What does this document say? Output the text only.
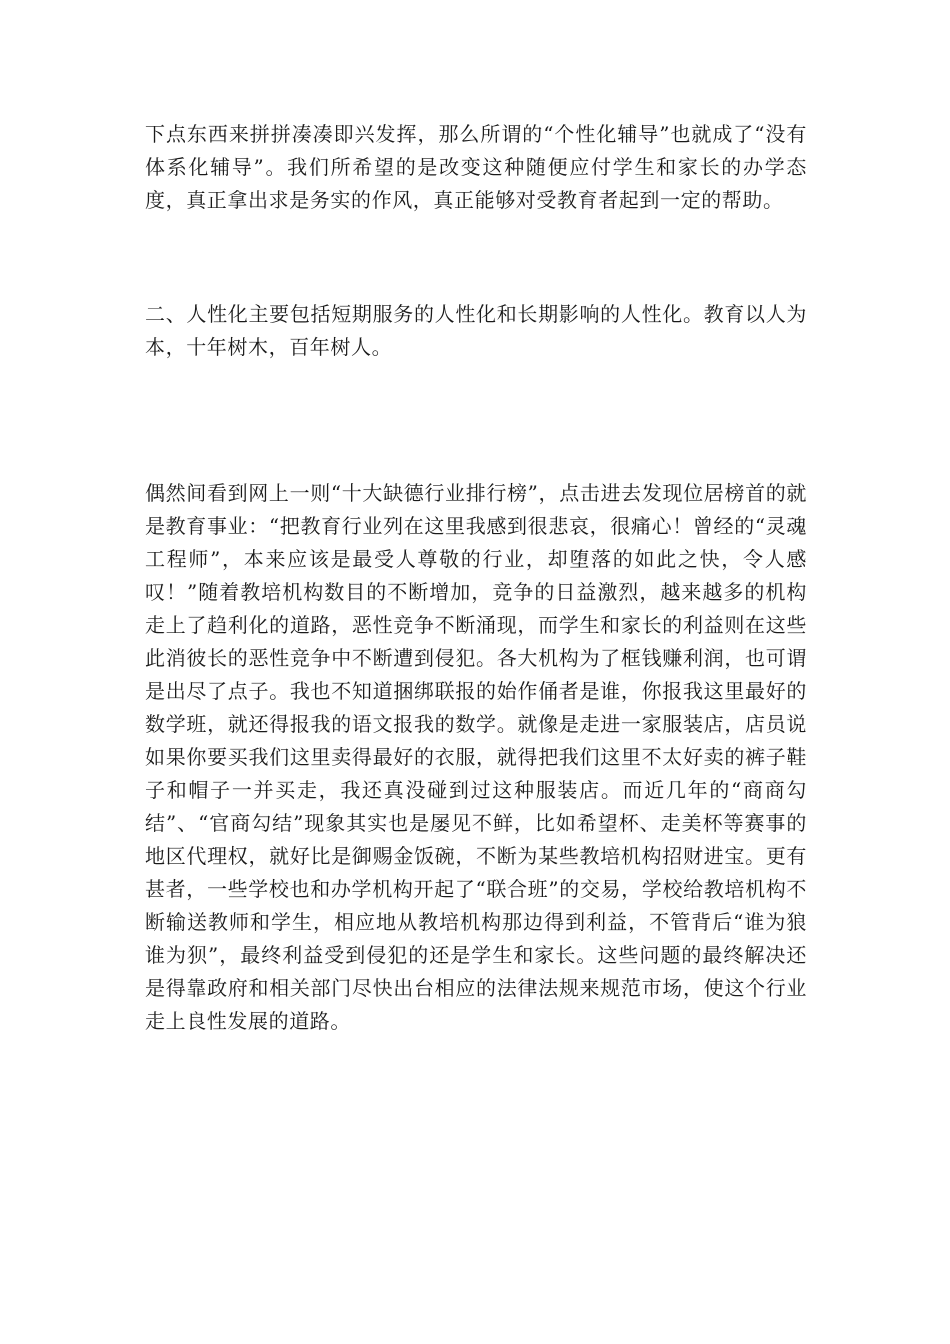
下点东西来拼拼凑凑即兴发挥，那么所谓的“个性化辅导”也就成了“没有体系化辅导”。我们所希望的是改变这种随便应付学生和家长的办学态度，真正拿出求是务实的作风，真正能够对受教育者起到一定的帮助。

二、人性化主要包括短期服务的人性化和长期影响的人性化。教育以人为本，十年树木，百年树人。

偶然间看到网上一则“十大缺德行业排行榜”，点击进去发现位居榜首的就是教育事业：“把教育行业列在这里我感到很悲哀，很痛心！曾经的“灵魂工程师”，本来应该是最受人尊敬的行业，却堕落的如此之快，令人感叹！”随着教培机构数目的不断增加，竞争的日益激烈，越来越多的机构走上了趋利化的道路，恶性竞争不断涌现，而学生和家长的利益则在这些此消彼长的恶性竞争中不断遭到侵犯。各大机构为了框钱赚利润，也可谓是出尽了点子。我也不知道捆绑联报的始作俑者是谁，你报我这里最好的数学班，就还得报我的语文报我的数学。就像是走进一家服装店，店员说如果你要买我们这里卖得最好的衣服，就得把我们这里不太好卖的裤子鞋子和帽子一并买走，我还真没碰到过这种服装店。而近几年的“商商勾结”、“官商勾结”现象其实也是屡见不鲜，比如希望杯、走美杯等赛事的地区代理权，就好比是御赐金饭碗，不断为某些教培机构招财进宝。更有甚者，一些学校也和办学机构开起了“联合班”的交易，学校给教培机构不断输送教师和学生，相应地从教培机构那边得到利益，不管背后“谁为狼谁为狈”，最终利益受到侵犯的还是学生和家长。这些问题的最终解决还是得靠政府和相关部门尽快出台相应的法律法规来规范市场，使这个行业走上良性发展的道路。
